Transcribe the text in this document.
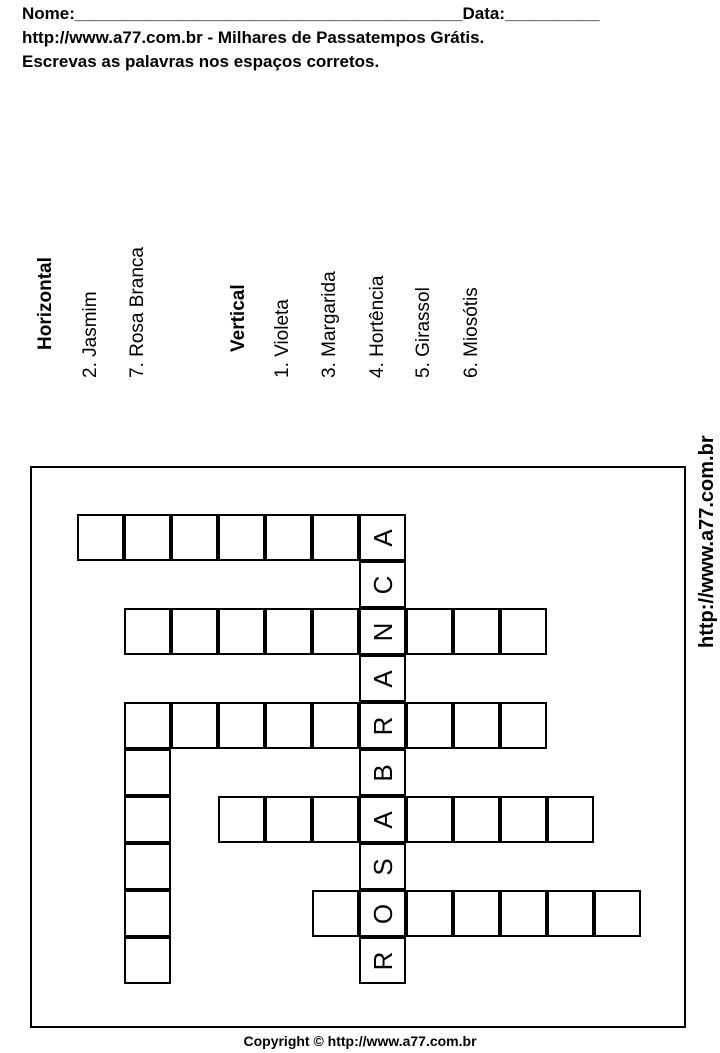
Nome:_________________________________________Data:__________
http://www.a77.com.br - Milhares de Passatempos Grátis.
Escrevas as palavras nos espaços corretos.
Horizontal 2. Jasmim 7. Rosa Branca	Vertical 1. Violeta 3. Margarida 4. Hortência 5. Girassol 6. Miosótis
A
C
N
A
R
B
A
S
O
R
http://www.a77.com.br
Copyright © http://www.a77.com.br
